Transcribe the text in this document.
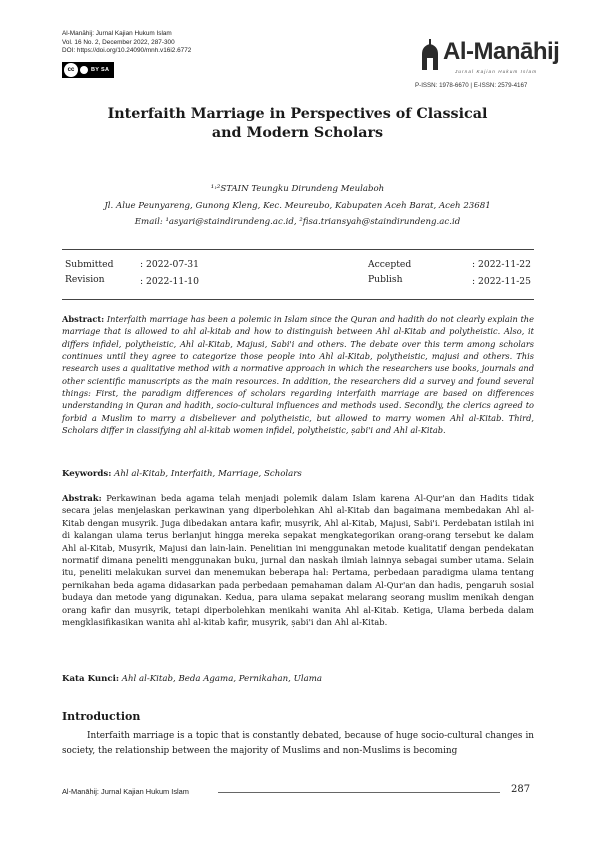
Al-Manāhij: Jurnal Kajian Hukum Islam
Vol. 16 No. 2, December 2022, 287-300
DOI: https://doi.org/10.24090/mnh.v16i2.6772
cc	BY SA
Al-Manāhij
Jurnal Kajian Hukum Islam
P-ISSN: 1978-6670 | E-ISSN: 2579-4167
Interfaith Marriage in Perspectives of Classical
and Modern Scholars
¹˒²STAIN Teungku Dirundeng Meulaboh
Jl. Alue Peunyareng, Gunong Kleng, Kec. Meureubo, Kabupaten Aceh Barat, Aceh 23681
Email: ¹asyari@staindirundeng.ac.id, ²fisa.triansyah@staindirundeng.ac.id
Submitted	: 2022-07-31	Accepted	: 2022-11-22
Revision	: 2022-11-10	Publish	: 2022-11-25
Abstract: Interfaith marriage has been a polemic in Islam since the Quran and hadith do not clearly explain the marriage that is allowed to ahl al-kitab and how to distinguish between Ahl al-Kitab and polytheistic. Also, it differs infidel, polytheistic, Ahl al-Kitab, Majusi, Sabi'i and others. The debate over this term among scholars continues until they agree to categorize those people into Ahl al-Kitab, polytheistic, majusi and others. This research uses a qualitative method with a normative approach in which the researchers use books, journals and other scientific manuscripts as the main resources. In addition, the researchers did a survey and found several things: First, the paradigm differences of scholars regarding interfaith marriage are based on differences understanding in Quran and hadith, socio-cultural influences and methods used. Secondly, the clerics agreed to forbid a Muslim to marry a disbeliever and polytheistic, but allowed to marry women Ahl al-Kitab. Third, Scholars differ in classifying ahl al-kitab women infidel, polytheistic, ṣabi'i and Ahl al-Kitab.
Keywords: Ahl al-Kitab, Interfaith, Marriage, Scholars
Abstrak: Perkawinan beda agama telah menjadi polemik dalam Islam karena Al-Qur'an dan Hadits tidak secara jelas menjelaskan perkawinan yang diperbolehkan Ahl al-Kitab dan bagaimana membedakan Ahl al-Kitab dengan musyrik. Juga dibedakan antara kafir, musyrik, Ahl al-Kitab, Majusi, Sabi'i. Perdebatan istilah ini di kalangan ulama terus berlanjut hingga mereka sepakat mengkategorikan orang-orang tersebut ke dalam Ahl al-Kitab, Musyrik, Majusi dan lain-lain. Penelitian ini menggunakan metode kualitatif dengan pendekatan normatif dimana peneliti menggunakan buku, jurnal dan naskah ilmiah lainnya sebagai sumber utama. Selain itu, peneliti melakukan survei dan menemukan beberapa hal: Pertama, perbedaan paradigma ulama tentang pernikahan beda agama didasarkan pada perbedaan pemahaman dalam Al-Qur'an dan hadis, pengaruh sosial budaya dan metode yang digunakan. Kedua, para ulama sepakat melarang seorang muslim menikah dengan orang kafir dan musyrik, tetapi diperbolehkan menikahi wanita Ahl al-Kitab. Ketiga, Ulama berbeda dalam mengklasifikasikan wanita ahl al-kitab kafir, musyrik, ṣabi'i dan Ahl al-Kitab.
Kata Kunci: Ahl al-Kitab, Beda Agama, Pernikahan, Ulama
Introduction
Interfaith marriage is a topic that is constantly debated, because of huge socio-cultural changes in society, the relationship between the majority of Muslims and non-Muslims is becoming
Al-Manāhij: Jurnal Kajian Hukum Islam	287
